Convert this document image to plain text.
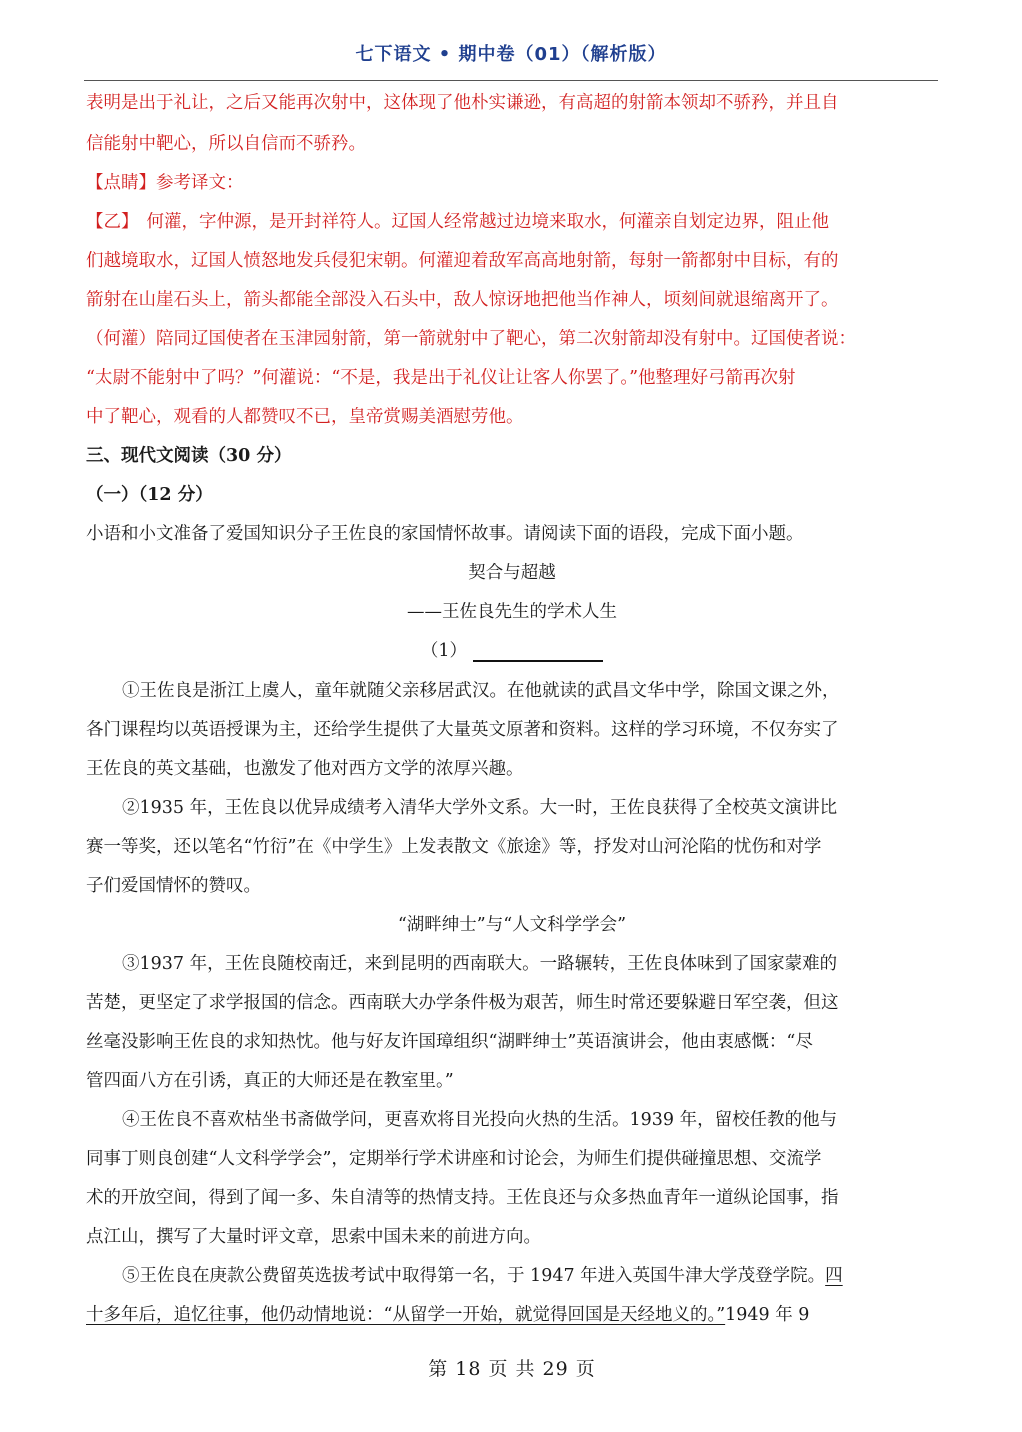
七下语文 • 期中卷（01）（解析版）
表明是出于礼让，之后又能再次射中，这体现了他朴实谦逊，有高超的射箭本领却不骄矜，并且自
信能射中靶心，所以自信而不骄矜。
【点睛】参考译文：
【乙】 何灌，字仲源，是开封祥符人。辽国人经常越过边境来取水，何灌亲自划定边界，阻止他
们越境取水，辽国人愤怒地发兵侵犯宋朝。何灌迎着敌军高高地射箭，每射一箭都射中目标，有的
箭射在山崖石头上，箭头都能全部没入石头中，敌人惊讶地把他当作神人，顷刻间就退缩离开了。
（何灌）陪同辽国使者在玉津园射箭，第一箭就射中了靶心，第二次射箭却没有射中。辽国使者说：
“太尉不能射中了吗？”何灌说：“不是，我是出于礼仪让让客人你罢了。”他整理好弓箭再次射
中了靶心，观看的人都赞叹不已，皇帝赏赐美酒慰劳他。
三、现代文阅读（30 分）
（一）（12 分）
小语和小文准备了爱国知识分子王佐良的家国情怀故事。请阅读下面的语段，完成下面小题。
契合与超越
——王佐良先生的学术人生
（1）
①王佐良是浙江上虞人，童年就随父亲移居武汉。在他就读的武昌文华中学，除国文课之外，
各门课程均以英语授课为主，还给学生提供了大量英文原著和资料。这样的学习环境，不仅夯实了
王佐良的英文基础，也激发了他对西方文学的浓厚兴趣。
②1935 年，王佐良以优异成绩考入清华大学外文系。大一时，王佐良获得了全校英文演讲比
赛一等奖，还以笔名“竹衍”在《中学生》上发表散文《旅途》等，抒发对山河沦陷的忧伤和对学
子们爱国情怀的赞叹。
“湖畔绅士”与“人文科学学会”
③1937 年，王佐良随校南迁，来到昆明的西南联大。一路辗转，王佐良体味到了国家蒙难的
苦楚，更坚定了求学报国的信念。西南联大办学条件极为艰苦，师生时常还要躲避日军空袭，但这
丝毫没影响王佐良的求知热忱。他与好友许国璋组织“湖畔绅士”英语演讲会，他由衷感慨：“尽
管四面八方在引诱，真正的大师还是在教室里。”
④王佐良不喜欢枯坐书斋做学问，更喜欢将目光投向火热的生活。1939 年，留校任教的他与
同事丁则良创建“人文科学学会”，定期举行学术讲座和讨论会，为师生们提供碰撞思想、交流学
术的开放空间，得到了闻一多、朱自清等的热情支持。王佐良还与众多热血青年一道纵论国事，指
点江山，撰写了大量时评文章，思索中国未来的前进方向。
⑤王佐良在庚款公费留英选拔考试中取得第一名，于 1947 年进入英国牛津大学茂登学院。四
十多年后，追忆往事，他仍动情地说：“从留学一开始，就觉得回国是天经地义的。”1949 年 9
第 18 页 共 29 页
